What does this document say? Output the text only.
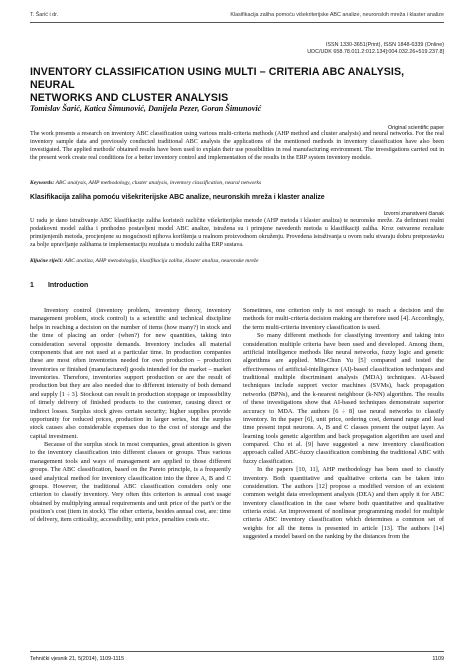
T. Šarić i dr.	Klasifikacija zaliha pomoću višekriterijske ABC analize, neuronskih mreža i klaster analize
ISSN 1330-3651(Print), ISSN 1848-6339 (Online)
UDC/UDK 658.78.011.2:012.134]:004.032.26+519.237.8]
INVENTORY CLASSIFICATION USING MULTI – CRITERIA ABC ANALYSIS, NEURAL
NETWORKS AND CLUSTER ANALYSIS
Tomislav Šarić, Katica Šimunović, Danijela Pezer, Goran Šimunović
Original scientific paper
The work presents a research on inventory ABC classification using various multi-criteria methods (AHP method and cluster analysis) and neural networks. For the real inventory sample data and previously conducted traditional ABC analysis the applications of the mentioned methods in inventory classification have also been investigated. The applied methods' obtained results have been used to explain their use possibilities in real manufacturing environment. The investigations carried out in the present work create real conditions for a better inventory control and implementation of the results in the ERP system inventory module.
Keywords: ABC analysis, AHP methodology, cluster analysis, inventory classification, neural networks
Klasifikacija zaliha pomoću višekriterijske ABC analize, neuronskih mreža i klaster analize
Izvorni znanstveni članak
U radu je dano istraživanje ABC klasifikacije zaliha koristeći različite višekriterijske metode (AHP metoda i klaster analiza) te neuronske mreže. Za definirani realni podatkovni model zaliha i prethodno postavljeni model ABC analize, istražena su i primjene navedenih metoda u klasifikaciji zaliha. Kroz ostvarene rezultate primijenjenih metoda, procjenjene su mogućnosti njihova korištenja u realnom proizvodnom okruženju. Provedena istraživanja u ovom radu stvaraju dobru pretpostavku za bolje upravljanje zalihama te implementaciju rezultata u modulu zaliha ERP sustava.
Ključne riječi: ABC analiza, AHP metodologija, klasifikacija zaliha, klaster analiza, neuronske mreže
1	Introduction

Inventory control (inventory problem, inventory theory, inventory management problem, stock control) is a scientific and technical discipline helps in reaching a decision on the number of items (how many?) in stock and the time of placing an order (when?) for new quantities, taking into consideration several opposite demands. Inventory includes all material components that are not used at a particular time. In production companies these are most often inventories needed for own production – production inventories or finished (manufactured) goods intended for the market – market inventories. Therefore, inventories support production or are the result of production but they are also needed due to different intensity of both demand and supply [1 ÷ 3]. Stockout can result in production stoppage or impossibility of timely delivery of finished products to the customer, causing direct or indirect losses. Surplus stock gives certain security; higher supplies provide opportunity for reduced prices, production in larger series, but the surplus stock causes also considerable expenses due to the cost of storage and the capital investment.

Because of the surplus stock in most companies, great attention is given to the inventory classification into different classes or groups. Thus various management tools and ways of management are applied to those different groups. The ABC classification, based on the Pareto principle, is a frequently used analytical method for inventory classification into the three A, B and C groups. However, the traditional ABC classification considers only one criterion to classify inventory. Very often this criterion is annual cost usage obtained by multiplying annual requirements and unit price of the part's or the position's cost (item in stock). The other criteria, besides annual cost, are: time of delivery, item criticality, accessibility, unit price, penalties costs etc.

Sometimes, one criterion only is not enough to reach a decision and the methods for multi-criteria decision making are therefore used [4]. Accordingly, the term multi-criteria inventory classification is used.

So many different methods for classifying inventory and taking into consideration multiple criteria have been used and developed. Among them, artificial intelligence methods like neural networks, fuzzy logic and genetic algorithms are applied. Min-Chun Yu [5] compared and tested the effectiveness of artificial-intelligence (AI)-based classification techniques and traditional multiple discriminant analysis (MDA) techniques. AI-based techniques include support vector machines (SVMs), back propagation networks (BPNs), and the k-nearest neighbour (k-NN) algorithm. The results of these investigations show that AI-based techniques demonstrate superior accuracy to MDA. The authors [6 ÷ 8] use neural networks to classify inventory. In the paper [6], unit price, ordering cost, demand range and lead time present input neurons. A, B and C classes present the output layer. As learning tools genetic algorithm and back propagation algorithm are used and compared. Chu et al. [9] have suggested a new inventory classification approach called ABC-fuzzy classification combining the traditional ABC with fuzzy classification.

In the papers [10, 11], AHP methodology has been used to classify inventory. Both quantitative and qualitative criteria can be taken into consideration. The authors [12] propose a modified version of an existent common weight data envelopment analysis (DEA) and then apply it for ABC inventory classification in the case where both quantitative and qualitative criteria exist. An improvement of nonlinear programming model for multiple criteria ABC inventory classification which determines a common set of weights for all the items is presented in article [13]. The authors [14] suggested a model based on the ranking by the distances from the

Tehnički vjesnik 21, 5(2014), 1109-1115	1109
